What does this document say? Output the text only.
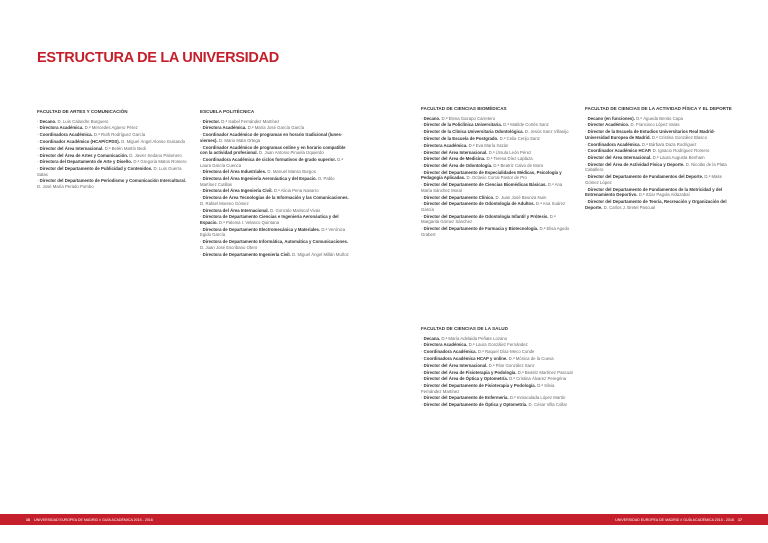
ESTRUCTURA DE LA UNIVERSIDAD
FACULTAD DE ARTES Y COMUNICACIÓN
· Decano. D. Luis Calandre Burguero
· Directora Académica. D.ª Mercedes Agüero Pérez
· Coordinadora Académica. D.ª Ruth Rodríguez García
· Coordinador Académico (HCAP/CPDS). D. Miguel Ángel Alonso Guisando
· Director del Área Internacional. D.ª Belén Martín Bedi
· Director del Área de Artes y Comunicación. D. Javier Sedano Palomero
· Directora del Departamento de Arte y Diseño. D.ª Gregoria Matos Romero
· Director del Departamento de Publicidad y Contenidos. D. Luis Guerra Salas
· Director del Departamento de Periodismo y Comunicación Intercultural. D. José María Perado Pombo
ESCUELA POLITÉCNICA
· Director. D.ª Isabel Fernández Martínez
· Directora Académica. D.ª María José García García
· Coordinador Académico de programas en horario tradicional (lunes-viernes). D. Mario Mata Ortega
· Coordinador Académico de programas online y en horario compatible con la actividad profesional. D. Juan Antonio Pinuela Izquierdo
· Coordinadora Académica de ciclos formativos de grado superior. D.ª Laura García Cuenca
· Directora del Área Industriales. D. Manuel Manso Burgos
· Directora del Área Ingeniería Aeronáutica y del Espacio. D. Pablo Martínez Cutillas
· Directora del Área Ingeniería Civil. D.ª Alicia Pena Navarro
· Directora de Área Tecnologías de la Información y las Comunicaciones. D. Rafael Moreno Gómez
· Directora del Área Internacional. D. Gonzalo Mariscal Vivas
· Directora de Departamento Ciencias e Ingeniería Aeronáutica y del Espacio. D.ª Paloma I. Velasco Quintana
· Directora de Departamento Electromecánica y Materiales. D.ª Verónica Egido García
· Directora de Departamento Informática, Automática y Comunicaciones. D. Juan José Escribano Otero
· Directora de Departamento Ingeniería Civil. D. Miguel Ángel Millán Muñoz
FACULTAD DE CIENCIAS BIOMÉDICAS
· Decano. D.ª Elena Gazapo Carretero
· Director de la Policlínica Universitaria. D.ª Matilde Cortés Sanz
· Director de la Clínica Universitaria Odontológica. D. Jesús Sanz Villanijo
· Director de la Escuela de Postgrado. D.ª Celia Cerijo Sanz
· Directora Académica. D.ª Eva María Irazán
· Director del Área Internacional. D.ª Úrsula León Pérez
· Director del Área de Medicina. D.ª Teresa Díez Laplaza
· Director del Área de Odontología. D.ª Beatriz Calvo de Mora
· Director del Departamento de Especialidades Médicas, Psicología y Pedagogía Aplicadas. D. Octavio Corral Pastor de Pro
· Director del Departamento de Ciencias Biomédicas Básicas. D.ª Ana María Sánchez Moral
· Director del Departamento Clínico. D. Juan José Beunza Nuin
· Director del Departamento de Odontología de Adultos. D.ª Ana Suárez García
· Director del Departamento de Odontología Infantil y Prótesis. D.ª Margarita Gómez Sánchez
· Director del Departamento de Farmacia y Biotecnología. D.ª Elisa Agudo Grabert
FACULTAD DE CIENCIAS DE LA ACTIVIDAD FÍSICA Y EL DEPORTE
· Decano (en funciones). D.ª Águeda Benito Capa
· Director Académico. D. Francisco López Varas
· Director de la Escuela de Estudios Universitarios Real Madrid-Universidad Europea de Madrid. D.ª Cristina González Blasco
· Coordinadora Académica. D.ª Bárbara Daza Rodríguez
· Coordinador Académico HCAP. D. Ignacio Rodríguez Romero
· Director del Área Internacional. D.ª Laura Augusta Benham
· Director del Área de Actividad Física y Deporte. D. Nicolás de la Plata Caballero
· Director del Departamento de Fundamentos del Deporte. D.ª Maite Gómez López
· Director del Departamento de Fundamentos de la Motricidad y del Entrenamiento Deportivo. D.ª Itziar Pagola Aldazabal
· Director del Departamento de Teoría, Recreación y Organización del Deporte. D. Carlos J. Bretel Pascual
FACULTAD DE CIENCIAS DE LA SALUD
· Decana. D.ª María Adelaida Peñate Lozano
· Directora Académica. D.ª Laura González Fernández
· Coordinadora Académica. D.ª Raquel Díaz-Meco Conde
· Coordinadora Académica HCAP y online. D.ª Mónica de la Cueva
· Director del Área Internacional. D.ª Pilar González Sanz
· Director del Área de Fisioterapia y Podología. D.ª Beatriz Martínez Pascual
· Director del Área de Óptica y Optometría. D.ª Cristina Álvarez Peregrina
· Director del Departamento de Fisioterapia y Podología. D.ª Silvia Fernández Martínez
· Director del Departamento de Enfermería. D.ª Inmaculada López Martín
· Director del Departamento de Óptica y Optometría. D. César Villa Collar
16 UNIVERSIDAD EUROPEA DE MADRID // GUÍA ACADÉMICA 2015 - 2016	UNIVERSIDAD EUROPEA DE MADRID // GUÍA ACADÉMICA 2015 - 2016 17
